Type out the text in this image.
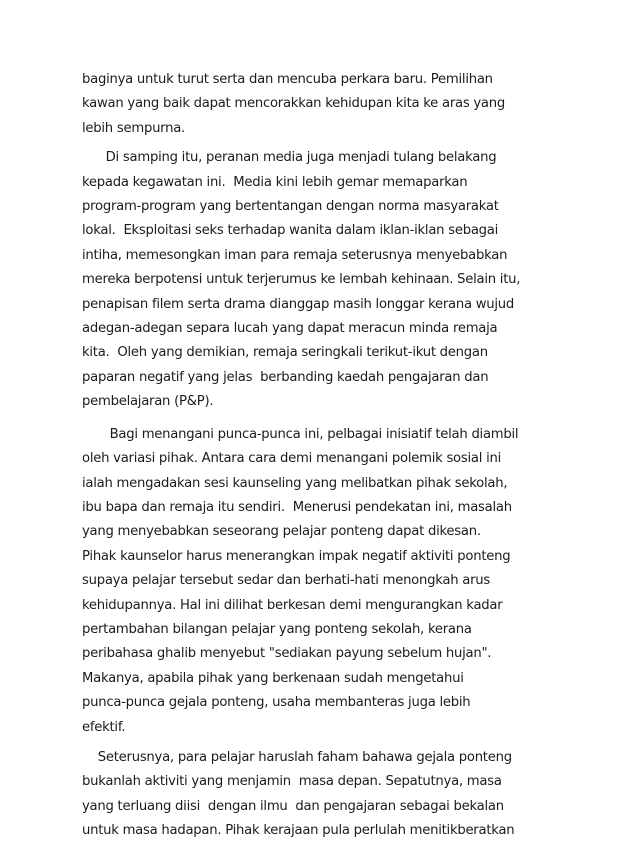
baginya untuk turut serta dan mencuba perkara baru. Pemilihan
kawan yang baik dapat mencorakkan kehidupan kita ke aras yang
lebih sempurna.

Di samping itu, peranan media juga menjadi tulang belakang
kepada kegawatan ini.  Media kini lebih gemar memaparkan
program-program yang bertentangan dengan norma masyarakat
lokal.  Eksploitasi seks terhadap wanita dalam iklan-iklan sebagai
intiha, memesongkan iman para remaja seterusnya menyebabkan
mereka berpotensi untuk terjerumus ke lembah kehinaan. Selain itu,
penapisan filem serta drama dianggap masih longgar kerana wujud
adegan-adegan separa lucah yang dapat meracun minda remaja
kita.  Oleh yang demikian, remaja seringkali terikut-ikut dengan
paparan negatif yang jelas  berbanding kaedah pengajaran dan
pembelajaran (P&P).

Bagi menangani punca-punca ini, pelbagai inisiatif telah diambil
oleh variasi pihak. Antara cara demi menangani polemik sosial ini
ialah mengadakan sesi kaunseling yang melibatkan pihak sekolah,
ibu bapa dan remaja itu sendiri.  Menerusi pendekatan ini, masalah
yang menyebabkan seseorang pelajar ponteng dapat dikesan.
Pihak kaunselor harus menerangkan impak negatif aktiviti ponteng
supaya pelajar tersebut sedar dan berhati-hati menongkah arus
kehidupannya. Hal ini dilihat berkesan demi mengurangkan kadar
pertambahan bilangan pelajar yang ponteng sekolah, kerana
peribahasa ghalib menyebut "sediakan payung sebelum hujan".
Makanya, apabila pihak yang berkenaan sudah mengetahui
punca-punca gejala ponteng, usaha membanteras juga lebih
efektif.

Seterusnya, para pelajar haruslah faham bahawa gejala ponteng
bukanlah aktiviti yang menjamin  masa depan. Sepatutnya, masa
yang terluang diisi  dengan ilmu  dan pengajaran sebagai bekalan
untuk masa hadapan. Pihak kerajaan pula perlulah menitikberatkan
